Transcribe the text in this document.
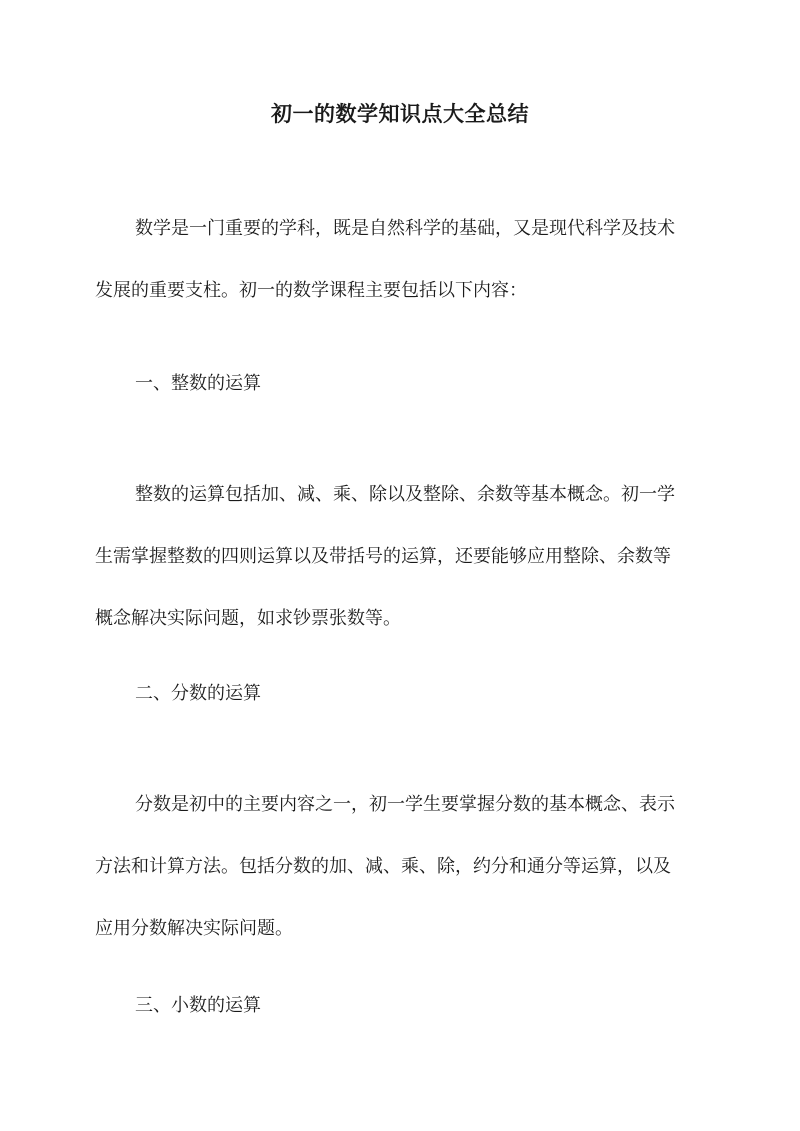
初一的数学知识点大全总结
数学是一门重要的学科，既是自然科学的基础，又是现代科学及技术
发展的重要支柱。初一的数学课程主要包括以下内容：
一、整数的运算
整数的运算包括加、减、乘、除以及整除、余数等基本概念。初一学
生需掌握整数的四则运算以及带括号的运算，还要能够应用整除、余数等
概念解决实际问题，如求钞票张数等。
二、分数的运算
分数是初中的主要内容之一，初一学生要掌握分数的基本概念、表示
方法和计算方法。包括分数的加、减、乘、除，约分和通分等运算，以及
应用分数解决实际问题。
三、小数的运算
